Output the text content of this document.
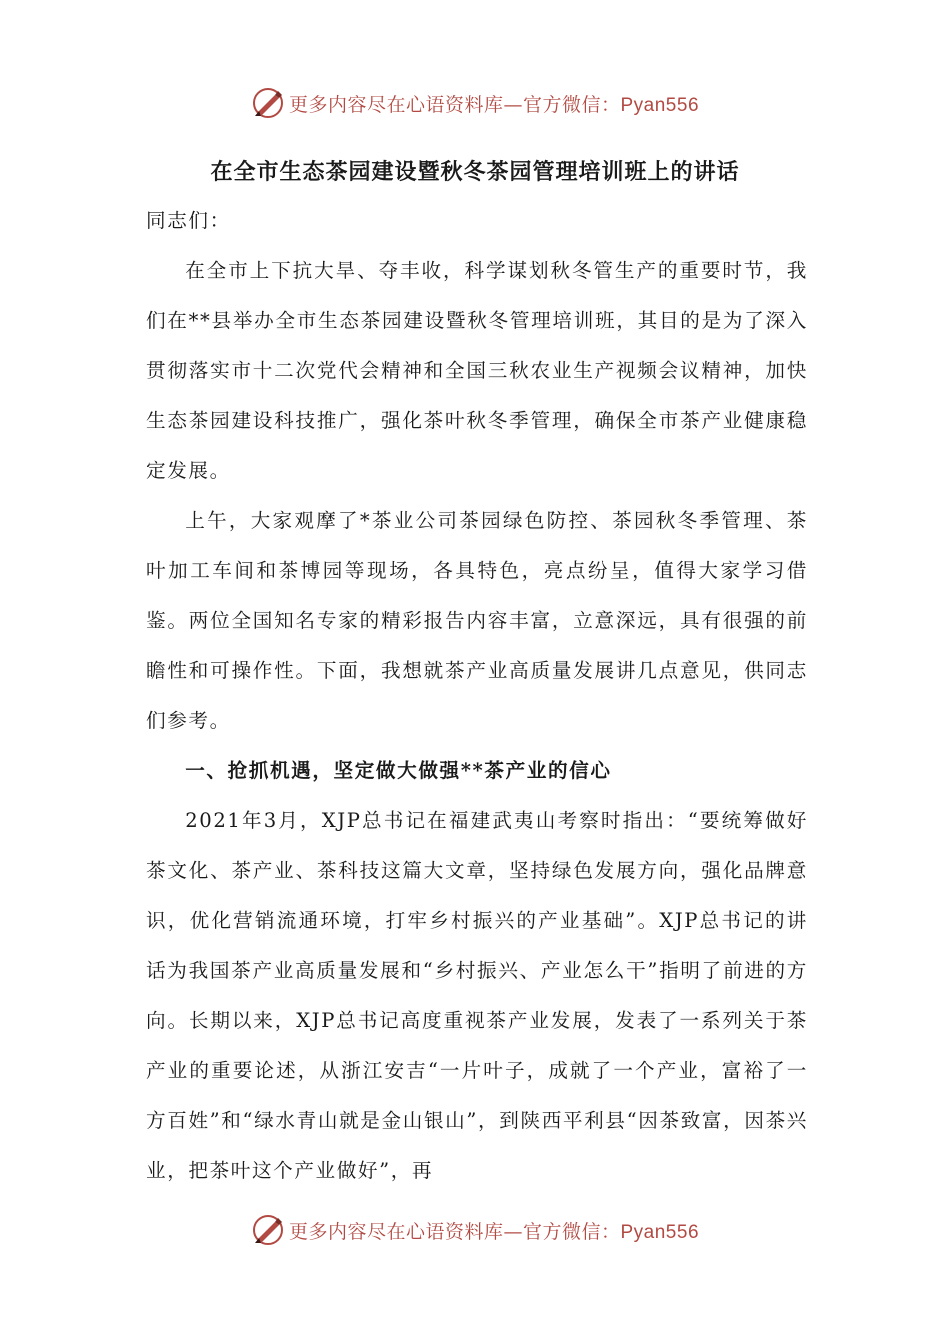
更多内容尽在心语资料库—官方微信：Pyan556
在全市生态茶园建设暨秋冬茶园管理培训班上的讲话

同志们：

在全市上下抗大旱、夺丰收，科学谋划秋冬管生产的重要时节，我们在**县举办全市生态茶园建设暨秋冬管理培训班，其目的是为了深入贯彻落实市十二次党代会精神和全国三秋农业生产视频会议精神，加快生态茶园建设科技推广，强化茶叶秋冬季管理，确保全市茶产业健康稳定发展。

上午，大家观摩了*茶业公司茶园绿色防控、茶园秋冬季管理、茶叶加工车间和茶博园等现场，各具特色，亮点纷呈，值得大家学习借鉴。两位全国知名专家的精彩报告内容丰富，立意深远，具有很强的前瞻性和可操作性。下面，我想就茶产业高质量发展讲几点意见，供同志们参考。

一、抢抓机遇，坚定做大做强**茶产业的信心

2021年3月，XJP总书记在福建武夷山考察时指出：“要统筹做好茶文化、茶产业、茶科技这篇大文章，坚持绿色发展方向，强化品牌意识，优化营销流通环境，打牢乡村振兴的产业基础”。XJP总书记的讲话为我国茶产业高质量发展和“乡村振兴、产业怎么干”指明了前进的方向。长期以来，XJP总书记高度重视茶产业发展，发表了一系列关于茶产业的重要论述，从浙江安吉“一片叶子，成就了一个产业，富裕了一方百姓”和“绿水青山就是金山银山”，到陕西平利县“因茶致富，因茶兴业，把茶叶这个产业做好”，再

更多内容尽在心语资料库—官方微信：Pyan556
